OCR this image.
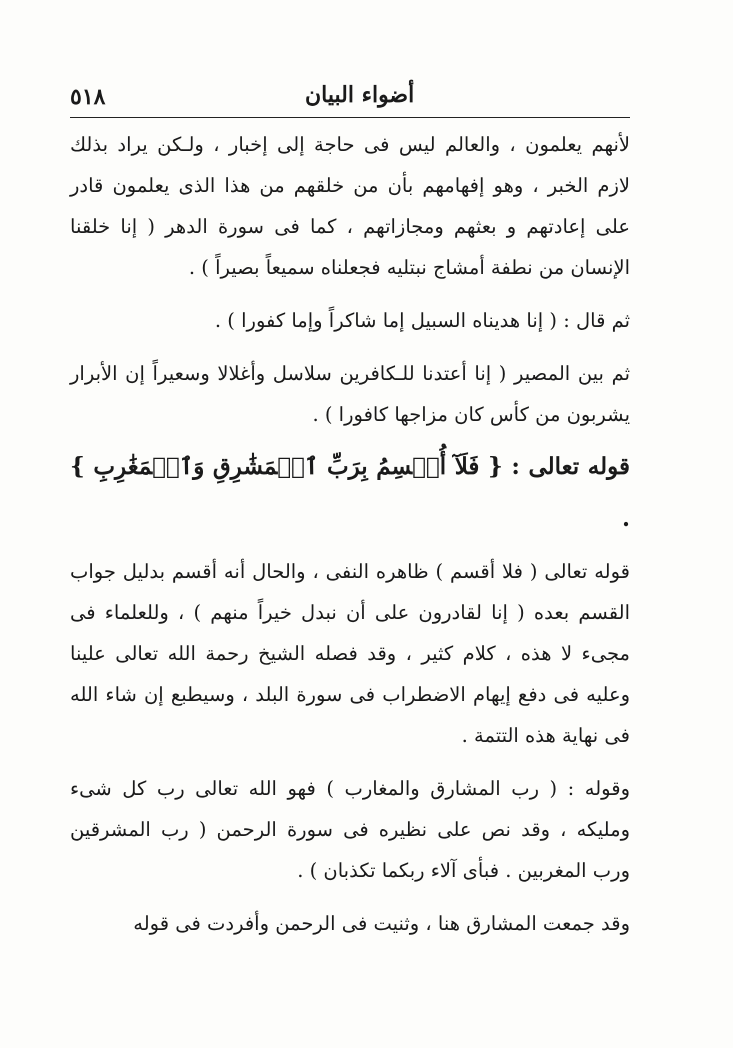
٥١٨	أضواء البيان

لأنهم يعلمون ، والعالم ليس فى حاجة إلى إخبار ، ولـكن يراد بذلك لازم الخبر ، وهو إفهامهم بأن من خلقهم من هذا الذى يعلمون قادر على إعادتهم و بعثهم ومجازاتهم ، كما فى سورة الدهر ( إنا خلقنا الإنسان من نطفة أمشاج نبتليه فجعلناه سميعاً بصيراً ) .

ثم قال : ( إنا هديناه السبيل إما شاكراً وإما كفورا ) .

ثم بين المصير ( إنا أعتدنا للـكافرين سلاسل وأغلالا وسعيراً إن الأبرار يشربون من كأس كان مزاجها كافورا ) .

قوله تعالى : { فَلَآ أُقۡسِمُ بِرَبِّ ٱلۡمَشَٰرِقِ وَٱلۡمَغَٰرِبِ } .

قوله تعالى ( فلا أقسم ) ظاهره النفى ، والحال أنه أقسم بدليل جواب القسم بعده ( إنا لقادرون على أن نبدل خيراً منهم ) ، وللعلماء فى مجىء لا هذه ، كلام كثير ، وقد فصله الشيخ رحمة الله تعالى علينا وعليه فى دفع إيهام الاضطراب فى سورة البلد ، وسيطبع إن شاء الله فى نهاية هذه التتمة .

وقوله : ( رب المشارق والمغارب ) فهو الله تعالى رب كل شىء ومليكه ، وقد نص على نظيره فى سورة الرحمن ( رب المشرقين ورب المغربين . فبأى آلاء ربكما تكذبان ) .

وقد جمعت المشارق هنا ، وثنيت فى الرحمن وأفردت فى قوله
